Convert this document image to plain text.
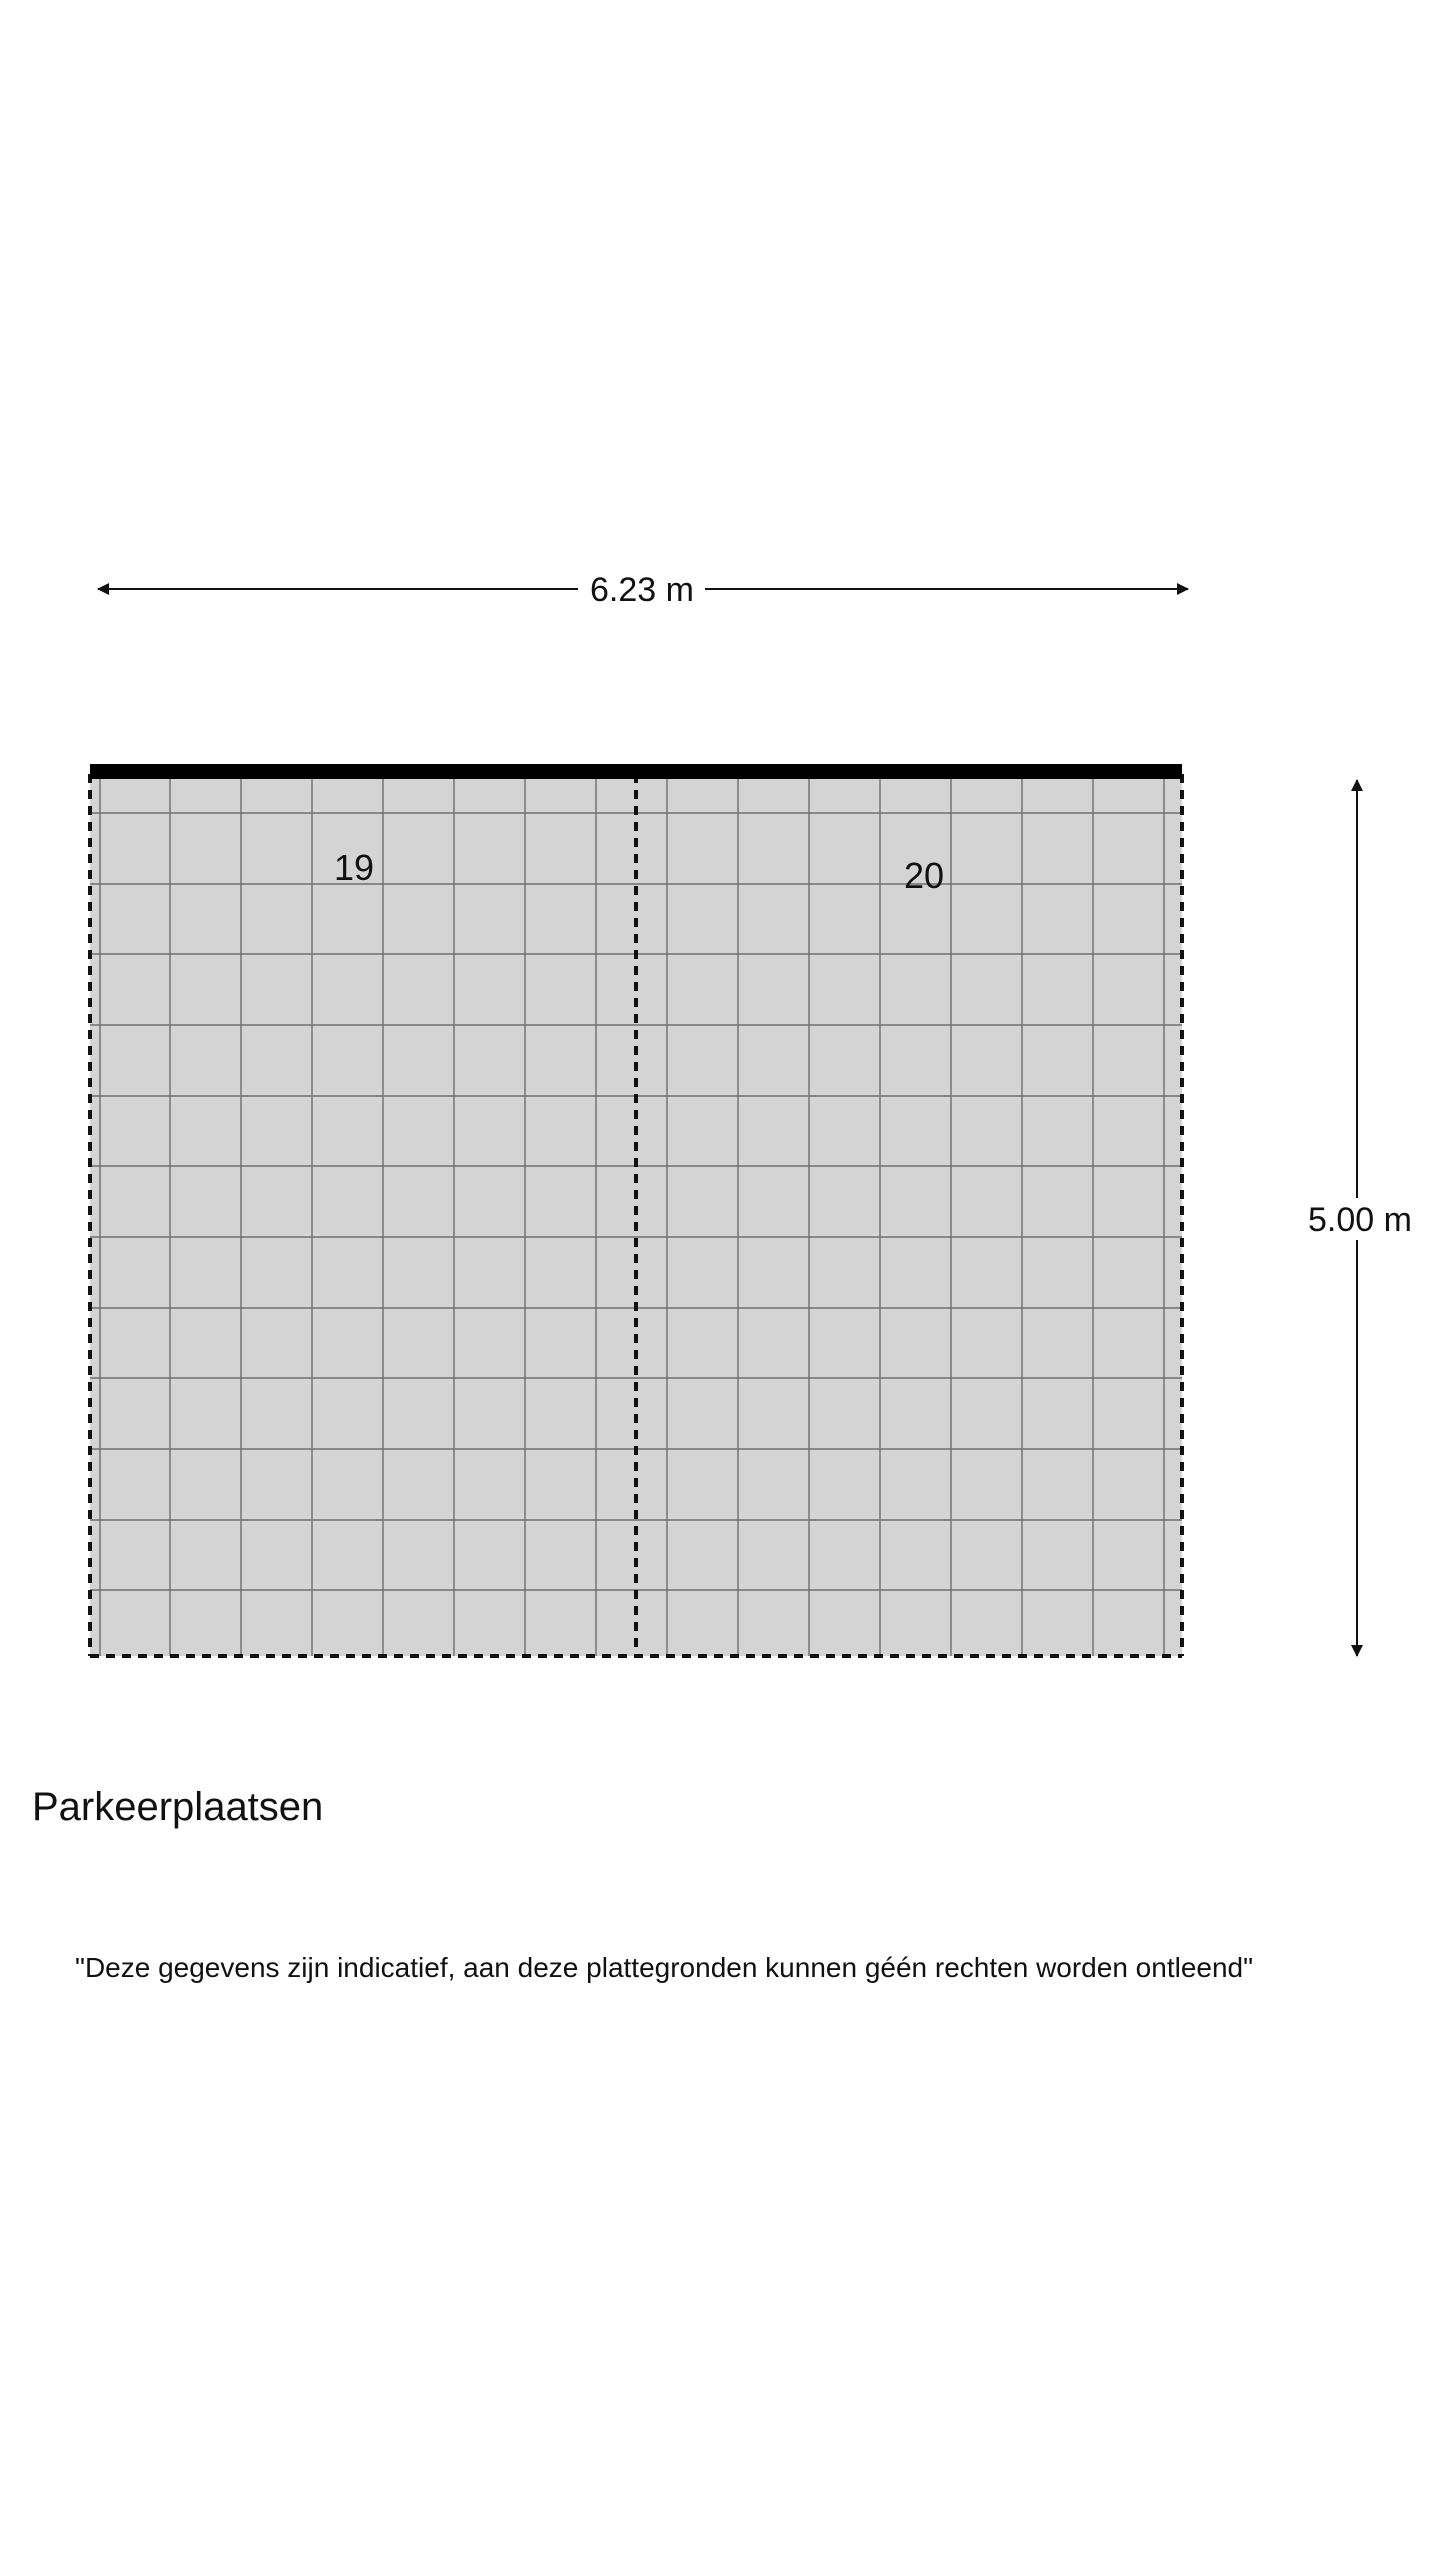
6.23 m
5.00 m
19	20
Parkeerplaatsen
"Deze gegevens zijn indicatief, aan deze plattegronden kunnen géén rechten worden ontleend"
